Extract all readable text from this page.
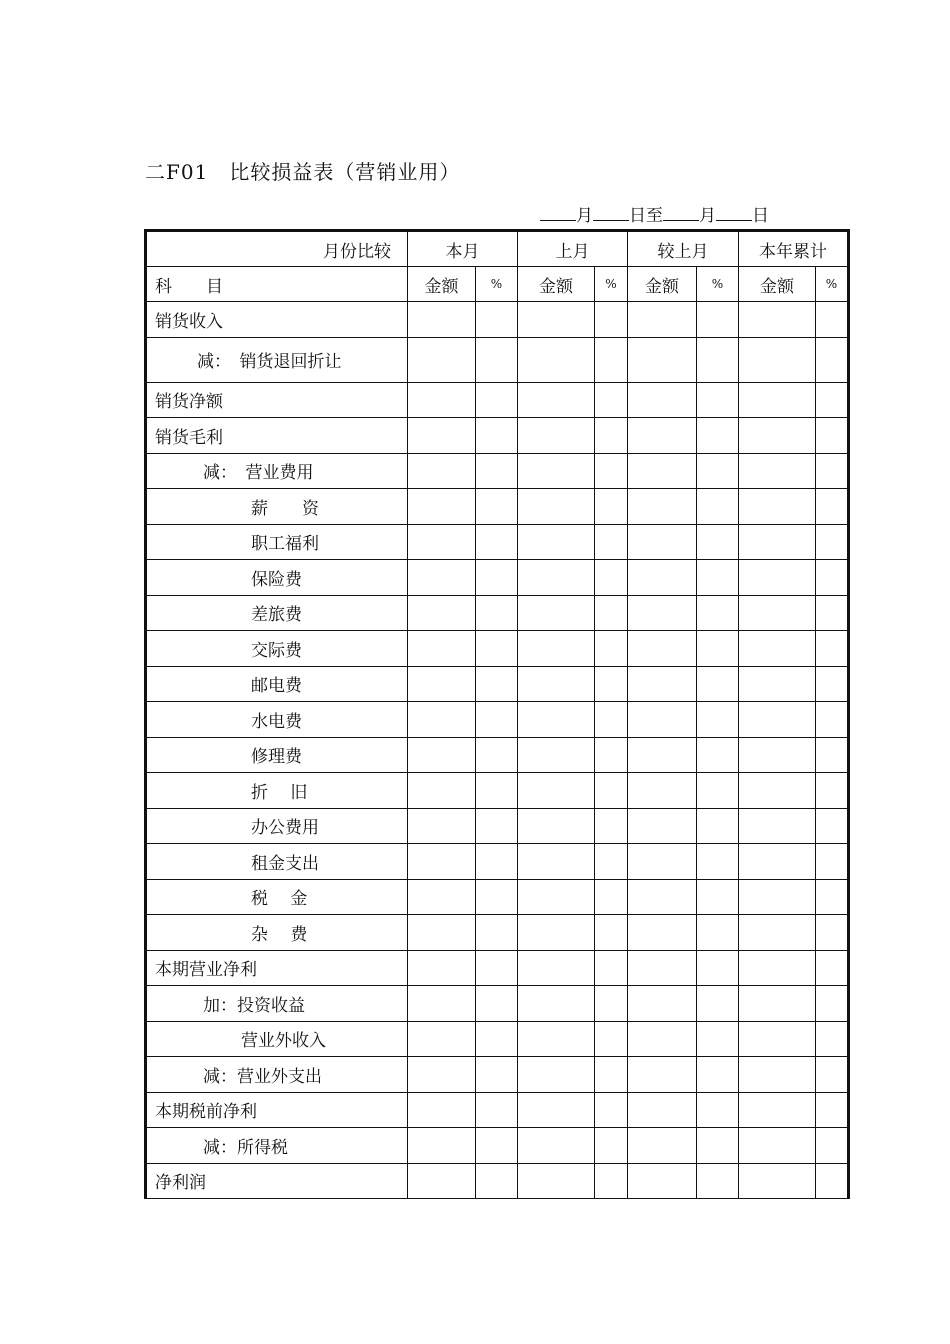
二F01　比较损益表（营销业用）
月 日至 月 日
月份比较	本月		上月		较上月		本年累计	
科　　目	金额	%	金额	%	金额	%	金额	%
销货收入								
减：　销货退回折让								
销货净额								
销货毛利								
减：　营业费用								
薪　　资								
职工福利								
保险费								
差旅费								
交际费								
邮电费								
水电费								
修理费								
折　 旧								
办公费用								
租金支出								
税　 金								
杂　 费								
本期营业净利								
加：投资收益								
营业外收入								
减：营业外支出								
本期税前净利								
减：所得税								
净利润								
